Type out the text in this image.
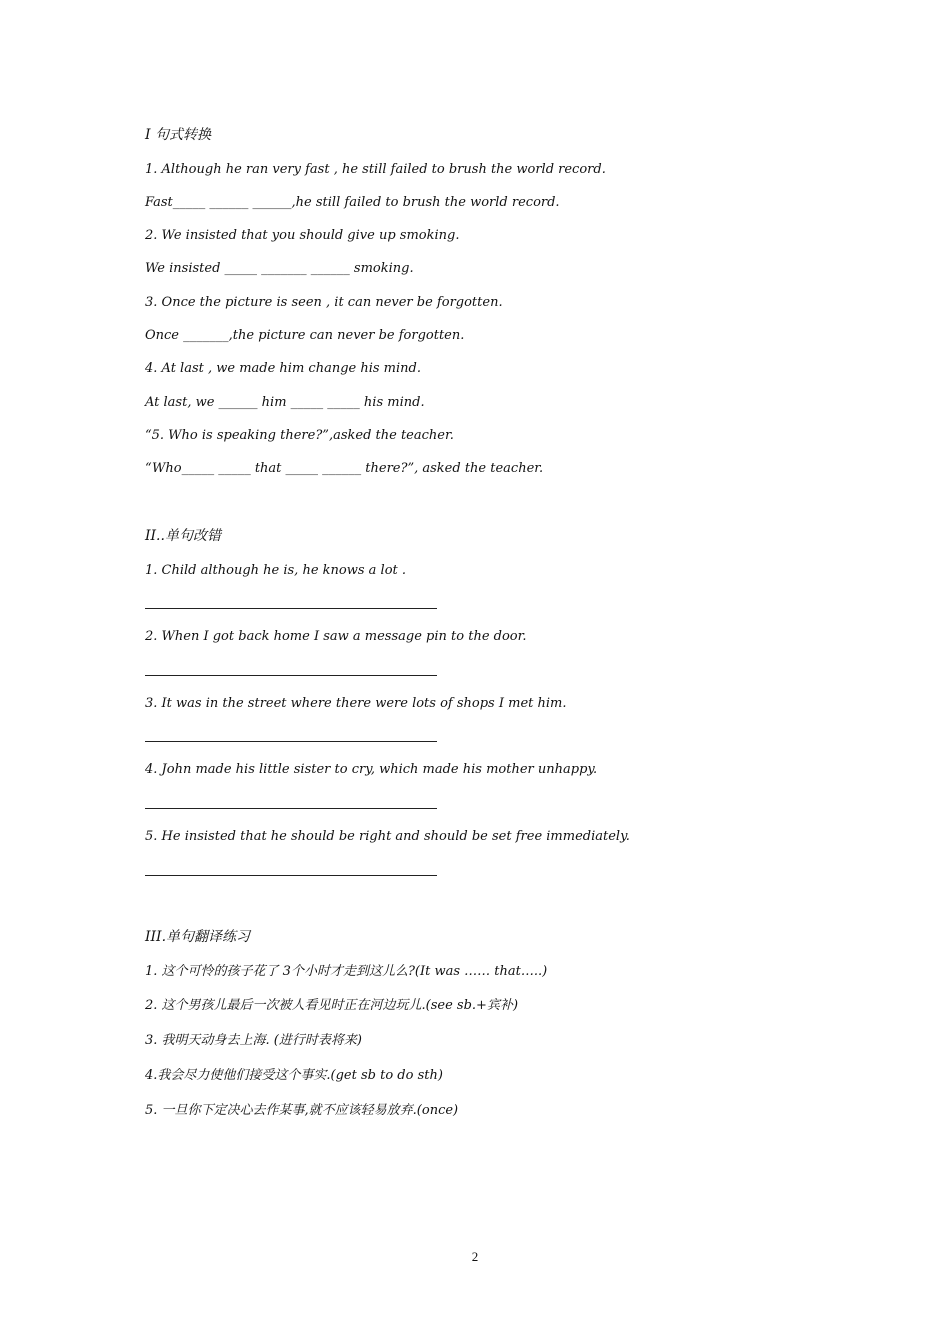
I 句式转换
1. Although he ran very fast , he still failed to brush the world record.
Fast_____ ______ ______,he still failed to brush the world record.
2. We insisted that you should give up smoking.
We insisted _____ _______ ______ smoking.
3. Once the picture is seen , it can never be forgotten.
Once _______,the picture can never be forgotten.
4. At last , we made him change his mind.
At last, we ______ him _____ _____ his mind.
“5. Who is speaking there?”,asked the teacher.
“Who_____ _____ that _____ ______ there?”, asked the teacher.
II..单句改错
1. Child although he is, he knows a lot .
2. When I got back home I saw a message pin to the door.
3. It was in the street where there were lots of shops I met him.
4. John made his little sister to cry, which made his mother unhappy.
5. He insisted that he should be right and should be set free immediately.
III.单句翻译练习
1. 这个可怜的孩子花了 3个小时才走到这儿么?(It was …… that…..)
2. 这个男孩儿最后一次被人看见时正在河边玩儿.(see sb.+宾补)
3. 我明天动身去上海. (进行时表将来)
4.我会尽力使他们接受这个事实.(get sb to do sth)
5. 一旦你下定决心去作某事,就不应该轻易放弃.(once)
2
